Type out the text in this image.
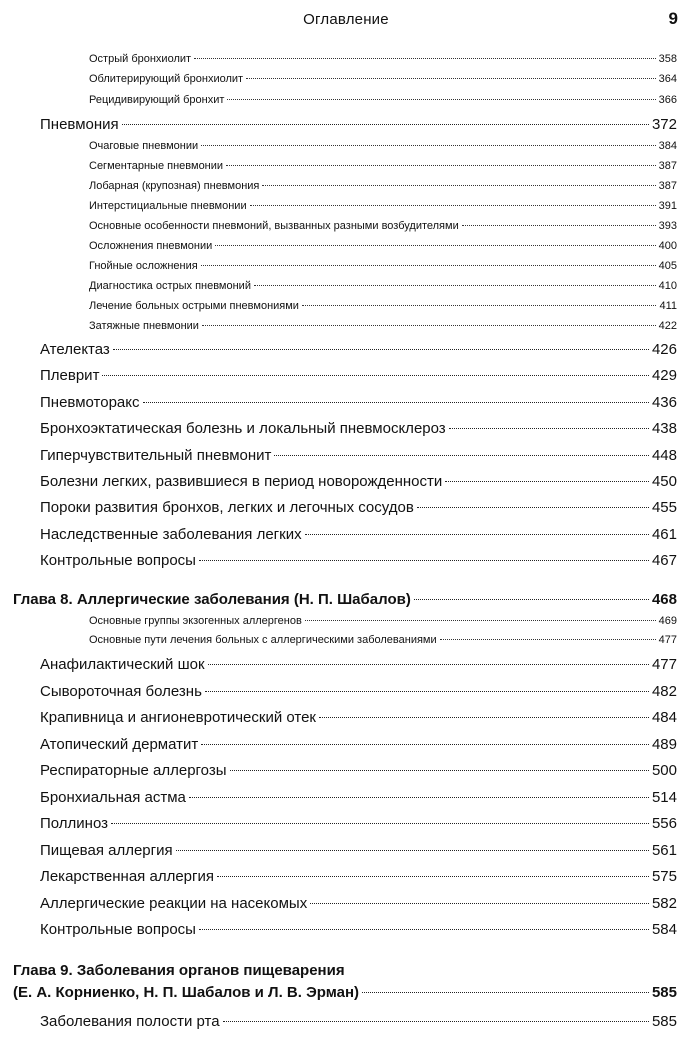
Оглавление	9
Острый бронхиолит	358
Облитерирующий бронхиолит	364
Рецидивирующий бронхит	366
Пневмония	372
Очаговые пневмонии	384
Сегментарные пневмонии	387
Лобарная (крупозная) пневмония	387
Интерстициальные пневмонии	391
Основные особенности пневмоний, вызванных разными возбудителями	393
Осложнения пневмонии	400
Гнойные осложнения	405
Диагностика острых пневмоний	410
Лечение больных острыми пневмониями	411
Затяжные пневмонии	422
Ателектаз	426
Плеврит	429
Пневмоторакс	436
Бронхоэктатическая болезнь и локальный пневмосклероз	438
Гиперчувствительный пневмонит	448
Болезни легких, развившиеся в период новорожденности	450
Пороки развития бронхов, легких и легочных сосудов	455
Наследственные заболевания легких	461
Контрольные вопросы	467
Глава 8. Аллергические заболевания (Н. П. Шабалов)	468
Основные группы экзогенных аллергенов	469
Основные пути лечения больных с аллергическими заболеваниями	477
Анафилактический шок	477
Сывороточная болезнь	482
Крапивница и ангионевротический отек	484
Атопический дерматит	489
Респираторные аллергозы	500
Бронхиальная астма	514
Поллиноз	556
Пищевая аллергия	561
Лекарственная аллергия	575
Аллергические реакции на насекомых	582
Контрольные вопросы	584
Глава 9. Заболевания органов пищеварения
(Е. А. Корниенко, Н. П. Шабалов и Л. В. Эрман)	585
Заболевания полости рта	585
